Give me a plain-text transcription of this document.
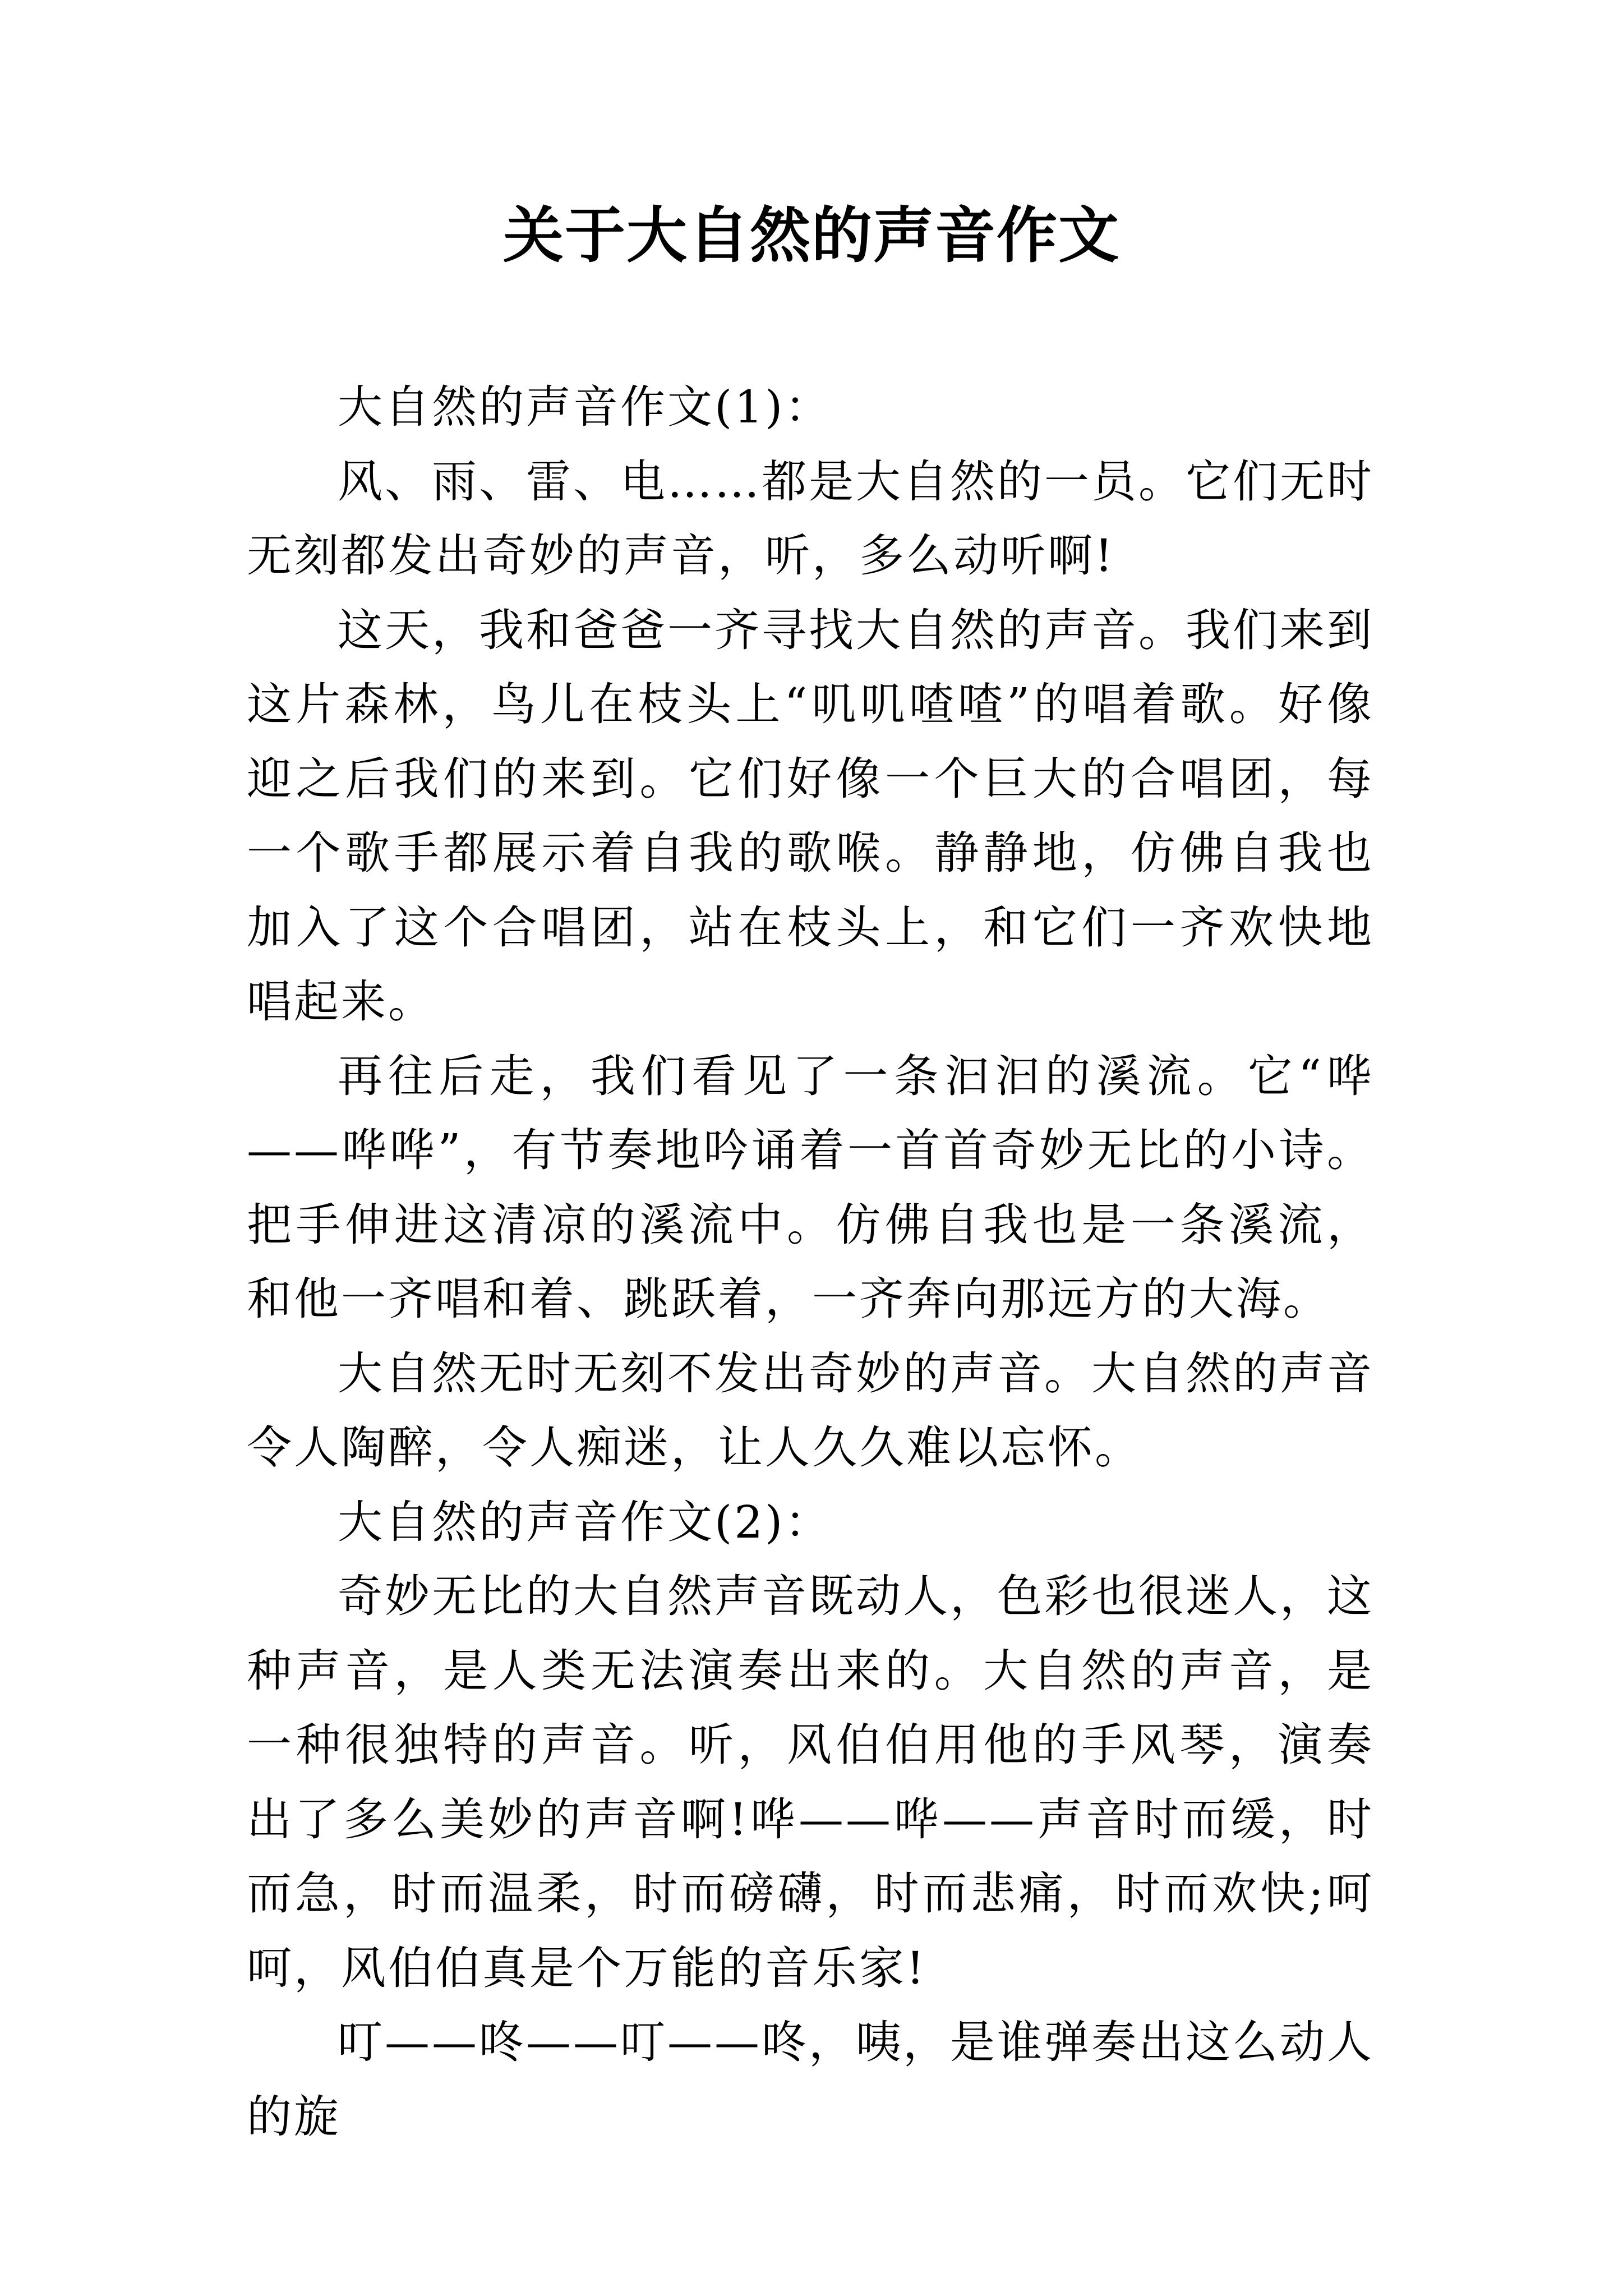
关于大自然的声音作文

大自然的声音作文(1)：

风、雨、雷、电……都是大自然的一员。它们无时无刻都发出奇妙的声音，听，多么动听啊!

这天，我和爸爸一齐寻找大自然的声音。我们来到这片森林，鸟儿在枝头上“叽叽喳喳”的唱着歌。好像迎之后我们的来到。它们好像一个巨大的合唱团，每一个歌手都展示着自我的歌喉。静静地，仿佛自我也加入了这个合唱团，站在枝头上，和它们一齐欢快地唱起来。

再往后走，我们看见了一条汩汩的溪流。它“哗——哗哗”，有节奏地吟诵着一首首奇妙无比的小诗。把手伸进这清凉的溪流中。仿佛自我也是一条溪流，和他一齐唱和着、跳跃着，一齐奔向那远方的大海。

大自然无时无刻不发出奇妙的声音。大自然的声音令人陶醉，令人痴迷，让人久久难以忘怀。

大自然的声音作文(2)：

奇妙无比的大自然声音既动人，色彩也很迷人，这种声音，是人类无法演奏出来的。大自然的声音，是一种很独特的声音。听，风伯伯用他的手风琴，演奏出了多么美妙的声音啊!哗——哗——声音时而缓，时而急，时而温柔，时而磅礴，时而悲痛，时而欢快;呵呵，风伯伯真是个万能的音乐家!

叮——咚——叮——咚，咦，是谁弹奏出这么动人的旋
